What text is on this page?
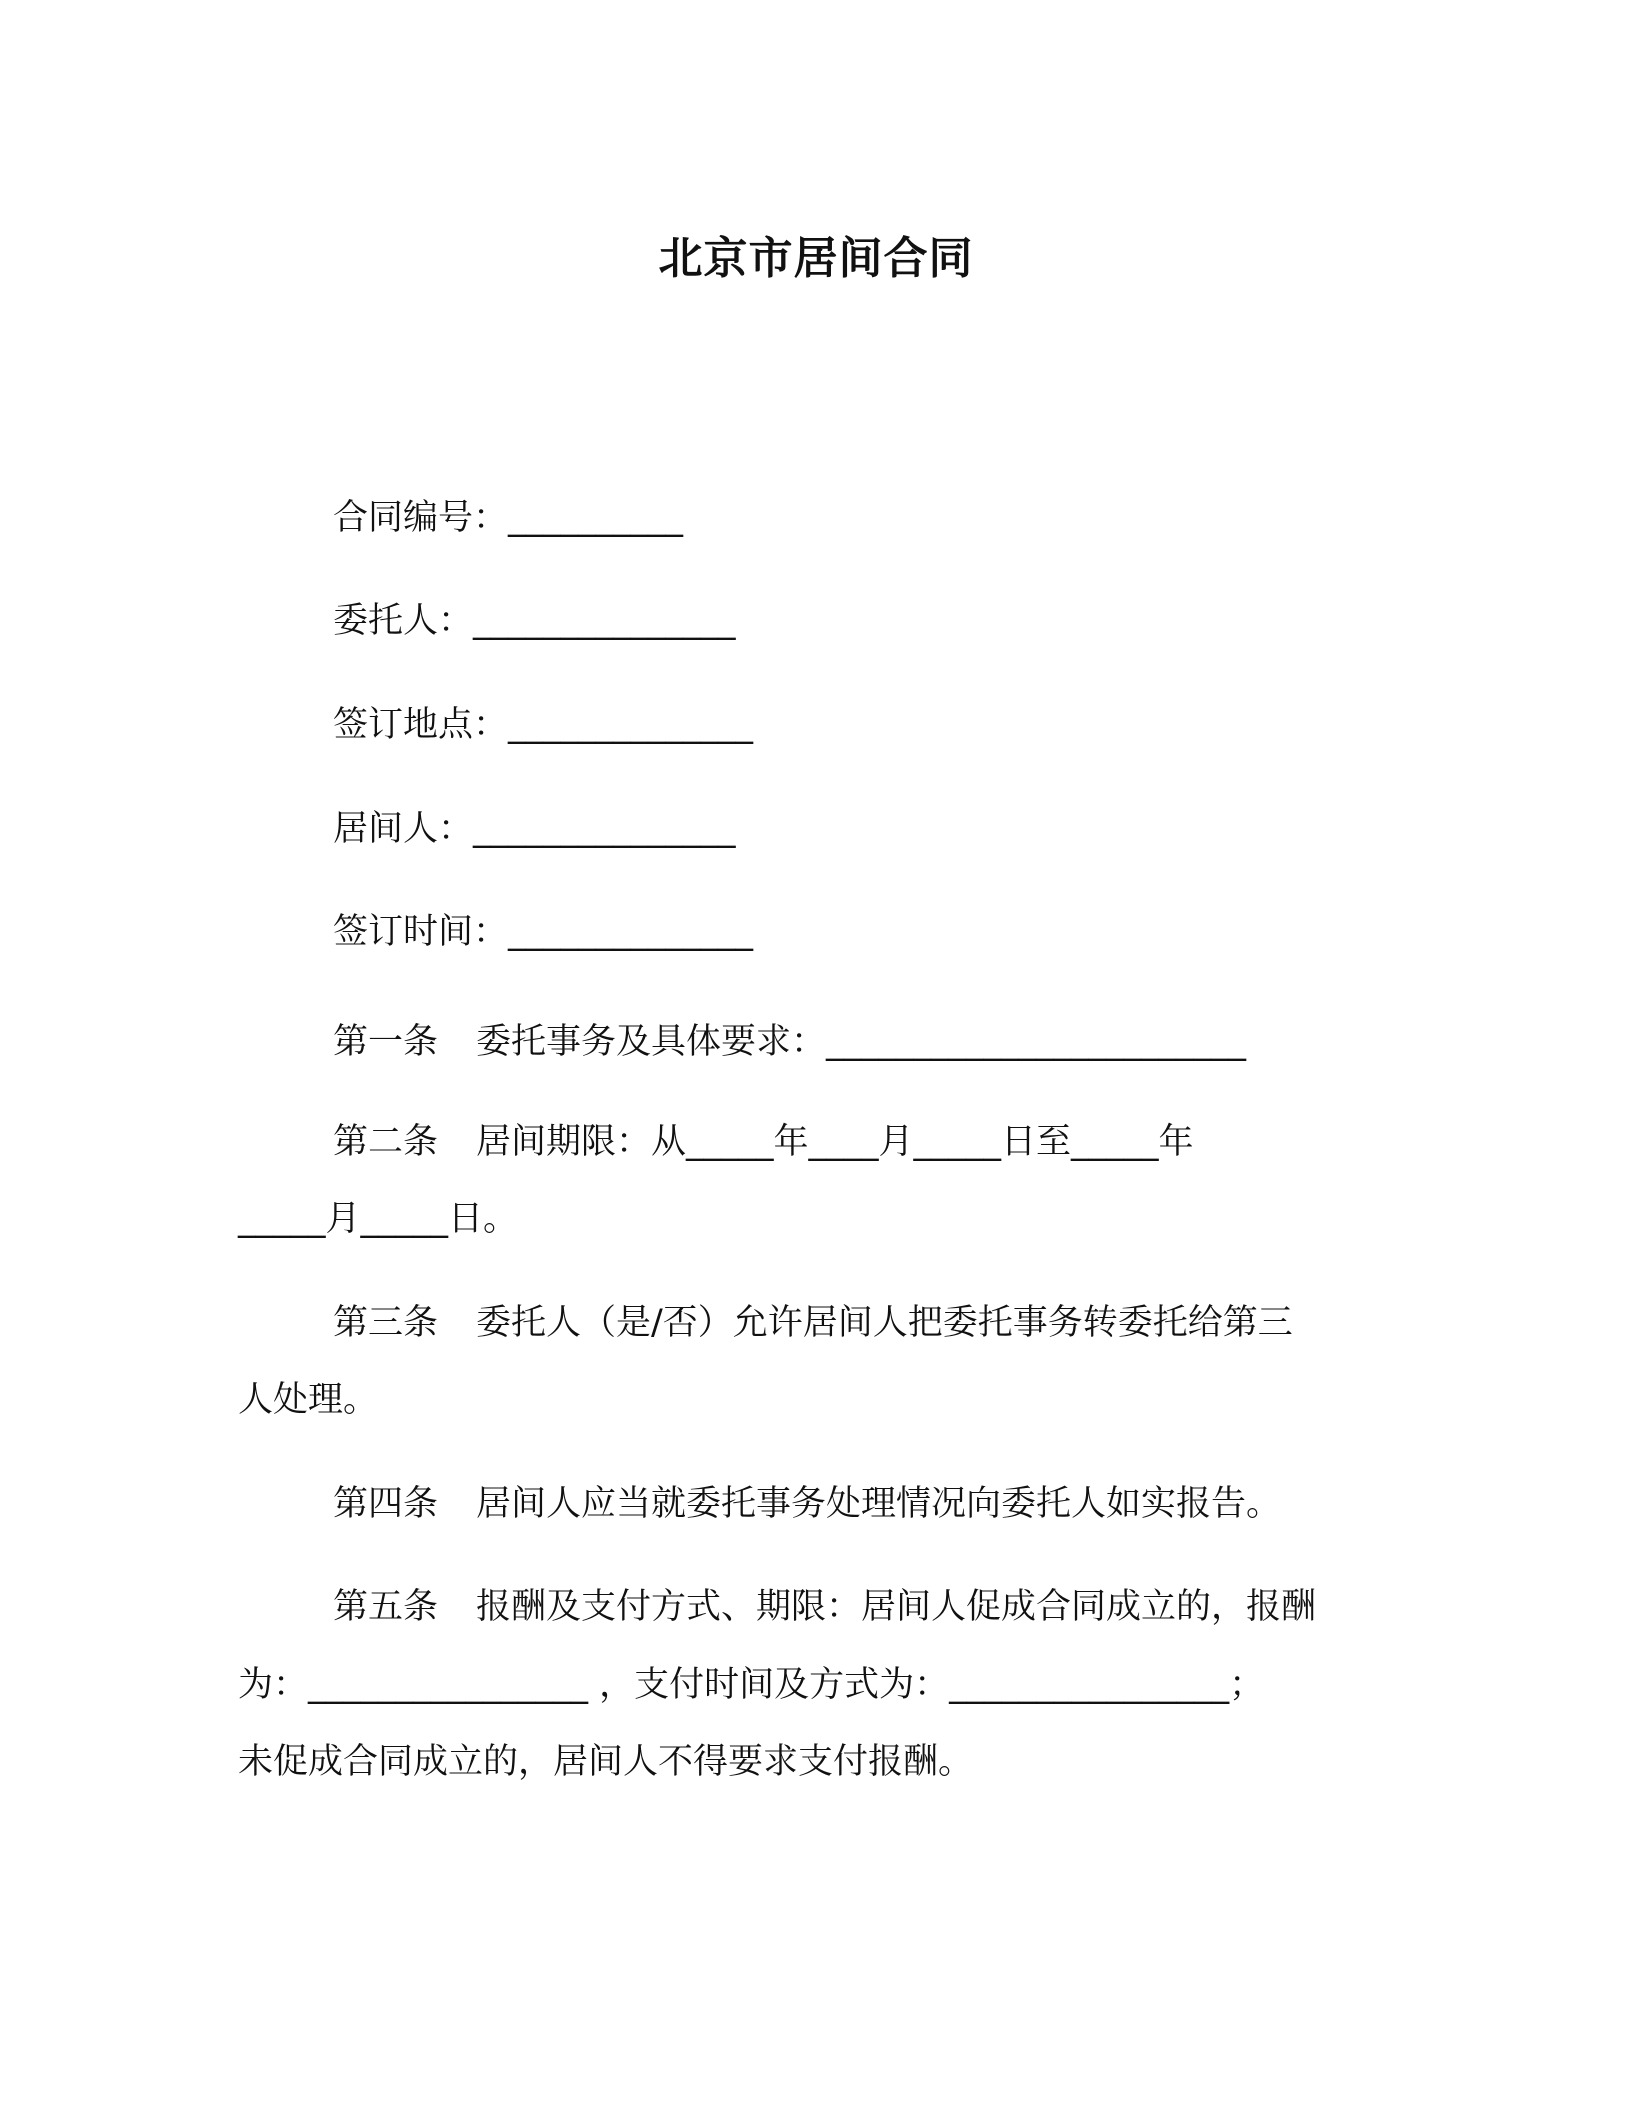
北京市居间合同
合同编号：__________
委托人：_______________
签订地点：______________
居间人：_______________
签订时间：______________
第一条 委托事务及具体要求：________________________
第二条 居间期限：从_____年____月_____日至_____年
_____月_____日。
第三条 委托人（是/否）允许居间人把委托事务转委托给第三
人处理。
第四条 居间人应当就委托事务处理情况向委托人如实报告。
第五条 报酬及支付方式、期限：居间人促成合同成立的，报酬
为：________________ ，支付时间及方式为：________________；
未促成合同成立的，居间人不得要求支付报酬。
